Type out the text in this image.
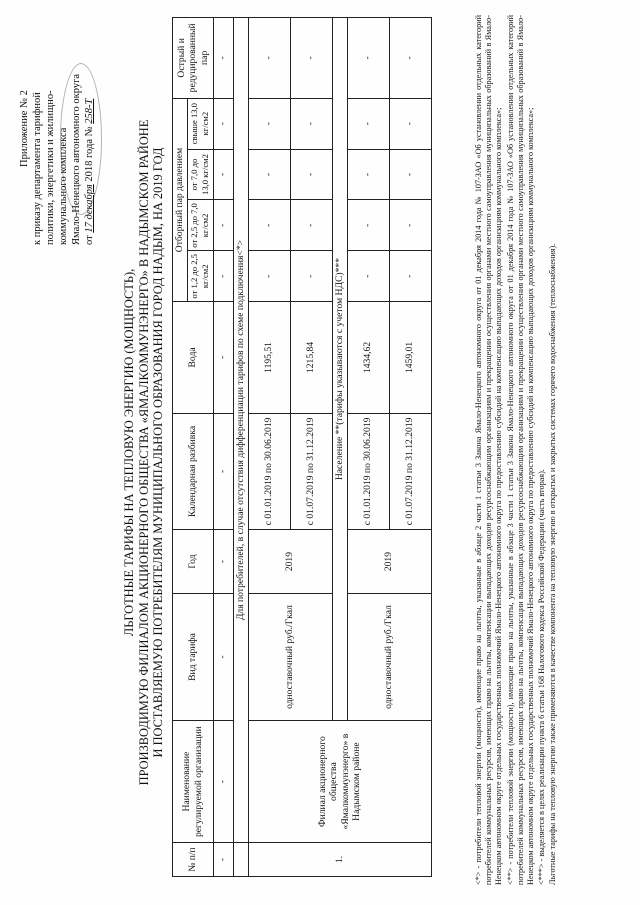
Приложение № 2 к приказу департамента тарифной политики, энергетики и жилищно- коммунального комплекса Ямало-Ненецкого автономного округа от 17 декабря 2018 года № 258-Т
ЛЬГОТНЫЕ ТАРИФЫ НА ТЕПЛОВУЮ ЭНЕРГИЮ (МОЩНОСТЬ), ПРОИЗВОДИМУЮ ФИЛИАЛОМ АКЦИОНЕРНОГО ОБЩЕСТВА «ЯМАЛКОММУНЭНЕРГО» В НАДЫМСКОМ РАЙОНЕ И ПОСТАВЛЯЕМУЮ ПОТРЕБИТЕЛЯМ МУНИЦИПАЛЬНОГО ОБРАЗОВАНИЯ ГОРОД НАДЫМ, НА 2019 ГОД
№ п/п	Наименование регулируемой организации	Вид тарифа	Год	Календарная разбивка	Вода	Отборный пар давлением				Острый и редуцированный пар
						от 1,2 до 2,5 кг/см2	от 2,5 до 7,0 кг/см2	от 7,0 до 13,0 кг/см2	свыше 13,0 кг/см2	
-	-	-	-	-	-	-	-	-	-	-
	Для потребителей, в случае отсутствия дифференциации тарифов по схеме подключения<*>									
1.	Филиал акционерного общества «Ямалкоммунэнерго» в Надымском районе	одноставочный руб./Гкал	2019	с 01.01.2019 по 30.06.2019	1195,51	-	-	-	-	-
				с 01.07.2019 по 31.12.2019	1215,84	-	-	-	-	-
		Население **(тарифы указываются с учетом НДС)***								
		одноставочный руб./Гкал	2019	с 01.01.2019 по 30.06.2019	1434,62	-	-	-	-	-
				с 01.07.2019 по 31.12.2019	1459,01	-	-	-	-	-	<*> - потребители тепловой энергии (мощности), имеющие право на льготы, указанные в абзаце 2 части 1 статьи 3 Закона Ямало-Ненецкого автономного округа от 01 декабря 2014 года № 107-ЗАО «Об установлении отдельных категорий потребителей коммунальных ресурсов, имеющих право на льготы, компенсации выпадающих доходов ресурсоснабжающим организациям и прекращении осуществления органами местного самоуправления муниципальных образований в Ямало-Ненецком автономном округе отдельных государственных полномочий Ямало-Ненецкого автономного округа по предоставлению субсидий на компенсацию выпадающих доходов организациям коммунального комплекса»; <**> - потребители тепловой энергии (мощности), имеющие право на льготы, указанные в абзаце 3 части 1 статьи 3 Закона Ямало-Ненецкого автономного округа от 01 декабря 2014 года № 107-ЗАО «Об установлении отдельных категорий потребителей коммунальных ресурсов, имеющих право на льготы, компенсации выпадающих доходов ресурсоснабжающим организациям и прекращении осуществления органами местного самоуправления муниципальных образований в Ямало-Ненецком автономном округе отдельных государственных полномочий Ямало-Ненецкого автономного округа по предоставлению субсидий на компенсацию выпадающих доходов организациям коммунального комплекса»; <***> - выделяется в целях реализации пункта 6 статьи 168 Налогового кодекса Российской Федерации (часть вторая). Льготные тарифы на тепловую энергию также применяются в качестве компонента на тепловую энергию в открытых и закрытых системах горячего водоснабжения (теплоснабжения).
